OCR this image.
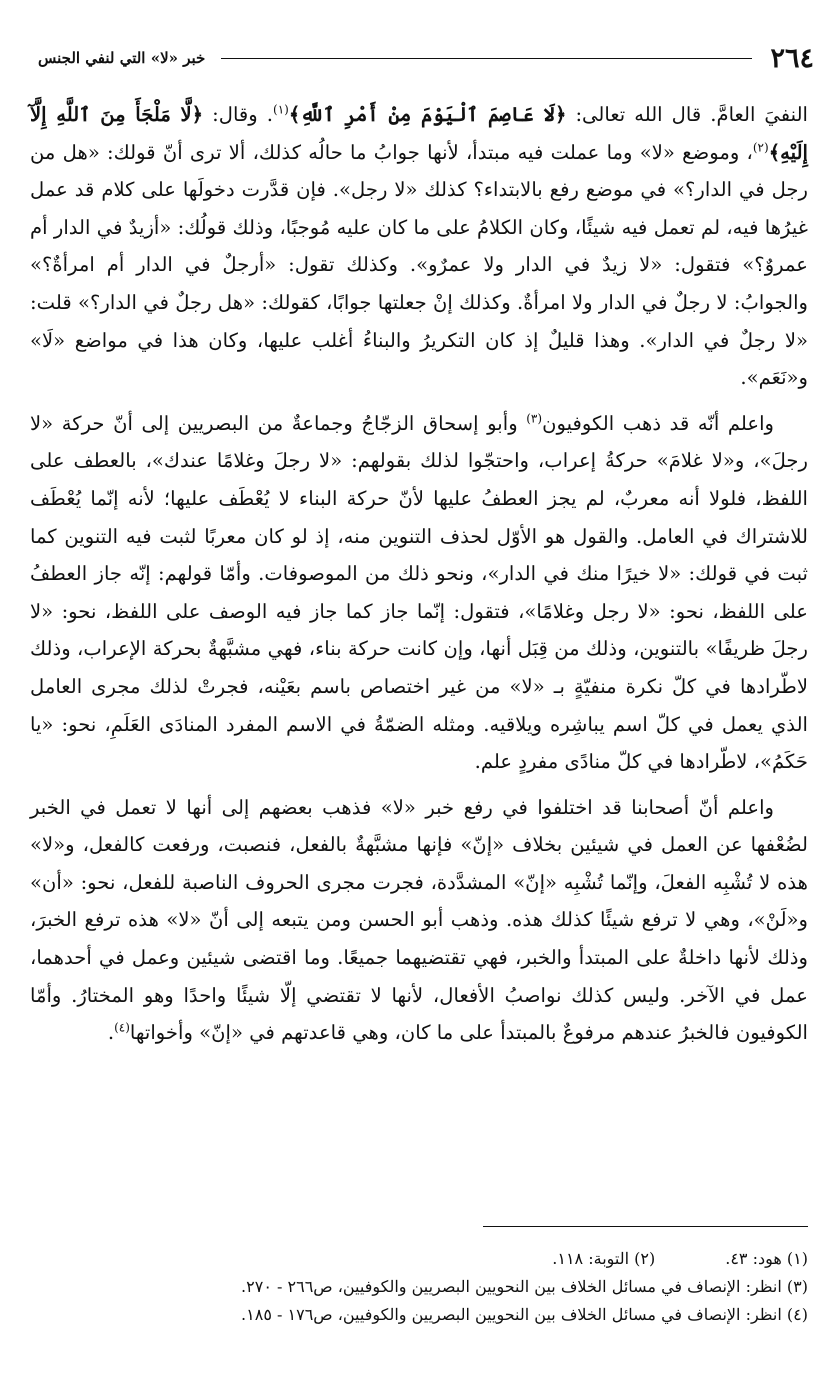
٢٦٤
خبر «لا» التي لنفي الجنس

النفيَ العامَّ. قال الله تعالى: ﴿لَا عَاصِمَ ٱلْيَوْمَ مِنْ أَمْرِ ٱللَّهِ﴾$^{(١)}$. وقال: ﴿لَّا مَلْجَأَ مِنَ ٱللَّهِ إِلَّآ إِلَيْهِ﴾$^{(٢)}$، وموضع «لا» وما عملت فيه مبتدأ، لأنها جوابُ ما حالُه كذلك، ألا ترى أنّ قولك: «هل من رجل في الدار؟» في موضع رفع بالابتداء؟ كذلك «لا رجل». فإن قدَّرت دخولَها على كلام قد عمل غيرُها فيه، لم تعمل فيه شيئًا، وكان الكلامُ على ما كان عليه مُوجبًا، وذلك قولُك: «أزيدٌ في الدار أم عمروٌ؟» فتقول: «لا زيدٌ في الدار ولا عمرٌو». وكذلك تقول: «أرجلٌ في الدار أم امرأةٌ؟» والجوابُ: لا رجلٌ في الدار ولا امرأةٌ. وكذلك إنْ جعلتها جوابًا، كقولك: «هل رجلٌ في الدار؟» قلت: «لا رجلٌ في الدار». وهذا قليلٌ إذ كان التكريرُ والبناءُ أغلب عليها، وكان هذا في مواضع «لَا» و«نَعَم».

واعلم أنّه قد ذهب الكوفيون$^{(٣)}$ وأبو إسحاق الزجّاجُ وجماعةٌ من البصريين إلى أنّ حركة «لا رجلَ»، و«لا غلامَ» حركةُ إعراب، واحتجّوا لذلك بقولهم: «لا رجلَ وغلامًا عندك»، بالعطف على اللفظ، فلولا أنه معربٌ، لم يجز العطفُ عليها لأنّ حركة البناء لا يُعْطَف عليها؛ لأنه إنّما يُعْطَف للاشتراك في العامل. والقول هو الأوّل لحذف التنوين منه، إذ لو كان معربًا لثبت فيه التنوين كما ثبت في قولك: «لا خيرًا منك في الدار»، ونحو ذلك من الموصوفات. وأمّا قولهم: إنّه جاز العطفُ على اللفظ، نحو: «لا رجل وغلامًا»، فتقول: إنّما جاز كما جاز فيه الوصف على اللفظ، نحو: «لا رجلَ ظريفًا» بالتنوين، وذلك من قِبَل أنها، وإن كانت حركة بناء، فهي مشبَّهةٌ بحركة الإعراب، وذلك لاطّرادها في كلّ نكرة منفيّةٍ بـ «لا» من غير اختصاص باسم بعَيْنه، فجرتْ لذلك مجرى العامل الذي يعمل في كلّ اسم يباشِره ويلاقيه. ومثله الضمّةُ في الاسم المفرد المنادَى العَلَمِ، نحو: «يا حَكَمُ»، لاطّرادها في كلّ منادًى مفردٍ علم.

واعلم أنّ أصحابنا قد اختلفوا في رفع خبر «لا» فذهب بعضهم إلى أنها لا تعمل في الخبر لضُعْفها عن العمل في شيئين بخلاف «إنّ» فإنها مشبَّهةٌ بالفعل، فنصبت، ورفعت كالفعل، و«لا» هذه لا تُشْبِه الفعلَ، وإنّما تُشْبِه «إنّ» المشدَّدة، فجرت مجرى الحروف الناصبة للفعل، نحو: «أن» و«لَنْ»، وهي لا ترفع شيئًا كذلك هذه. وذهب أبو الحسن ومن يتبعه إلى أنّ «لا» هذه ترفع الخبرَ، وذلك لأنها داخلةٌ على المبتدأ والخبر، فهي تقتضيهما جميعًا. وما اقتضى شيئين وعمل في أحدهما، عمل في الآخر. وليس كذلك نواصبُ الأفعال، لأنها لا تقتضي إلّا شيئًا واحدًا وهو المختارُ. وأمّا الكوفيون فالخبرُ عندهم مرفوعٌ بالمبتدأ على ما كان، وهي قاعدتهم في «إنّ» وأخواتها$^{(٤)}$.

(١) هود: ٤٣.
(٢) التوبة: ١١٨.
(٣) انظر: الإنصاف في مسائل الخلاف بين النحويين البصريين والكوفيين، ص٢٦٦ - ٢٧٠.
(٤) انظر: الإنصاف في مسائل الخلاف بين النحويين البصريين والكوفيين، ص١٧٦ - ١٨٥.
